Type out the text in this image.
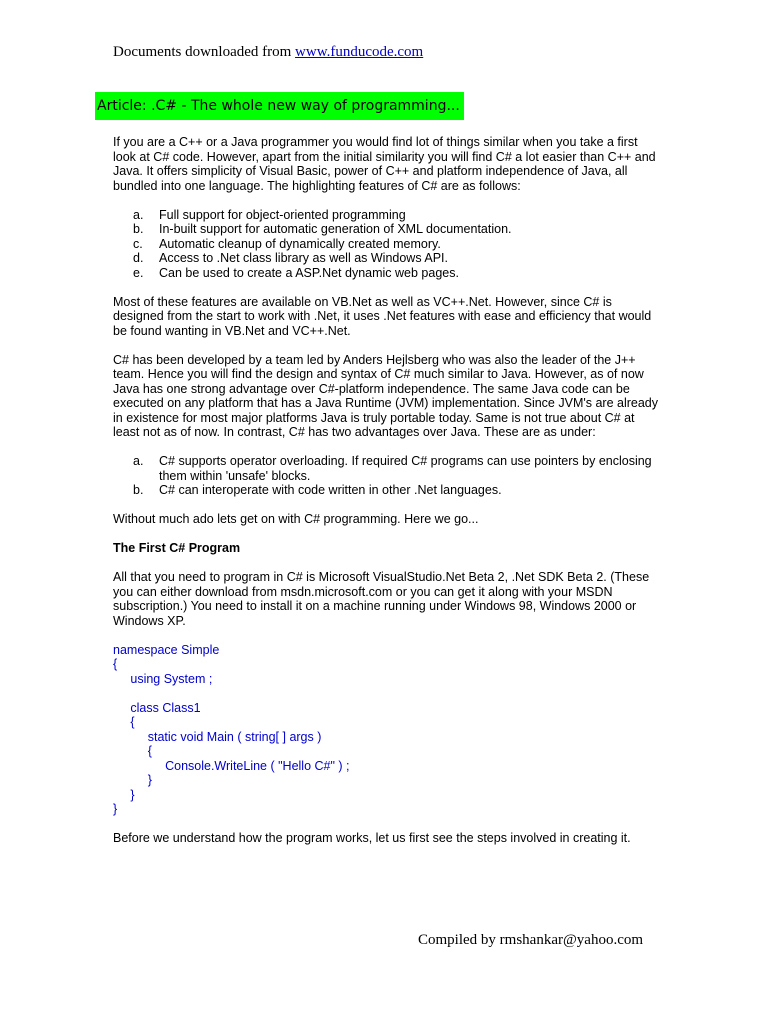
Documents downloaded from www.funducode.com
Article: .C# - The whole new way of programming...

If you are a C++ or a Java programmer you would find lot of things similar when you take a first look at C# code. However, apart from the initial similarity you will find C# a lot easier than C++ and Java. It offers simplicity of Visual Basic, power of C++ and platform independence of Java, all bundled into one language. The highlighting features of C# are as follows:

a. Full support for object-oriented programming
b. In-built support for automatic generation of XML documentation.
c. Automatic cleanup of dynamically created memory.
d. Access to .Net class library as well as Windows API.
e. Can be used to create a ASP.Net dynamic web pages.

Most of these features are available on VB.Net as well as VC++.Net. However, since C# is designed from the start to work with .Net, it uses .Net features with ease and efficiency that would be found wanting in VB.Net and VC++.Net.

C# has been developed by a team led by Anders Hejlsberg who was also the leader of the J++ team. Hence you will find the design and syntax of C# much similar to Java. However, as of now Java has one strong advantage over C#-platform independence. The same Java code can be executed on any platform that has a Java Runtime (JVM) implementation. Since JVM's are already in existence for most major platforms Java is truly portable today. Same is not true about C# at least not as of now. In contrast, C# has two advantages over Java. These are as under:

a. C# supports operator overloading. If required C# programs can use pointers by enclosing them within 'unsafe' blocks.
b. C# can interoperate with code written in other .Net languages.

Without much ado lets get on with C# programming. Here we go...

The First C# Program

All that you need to program in C# is Microsoft VisualStudio.Net Beta 2, .Net SDK Beta 2. (These you can either download from msdn.microsoft.com or you can get it along with your MSDN subscription.) You need to install it on a machine running under Windows 98, Windows 2000 or Windows XP.

namespace Simple
{
using System ;

class Class1
{
static void Main ( string[ ] args )
{
Console.WriteLine ( "Hello C#" ) ;
}
}
}

Before we understand how the program works, let us first see the steps involved in creating it.

Compiled by rmshankar@yahoo.com
